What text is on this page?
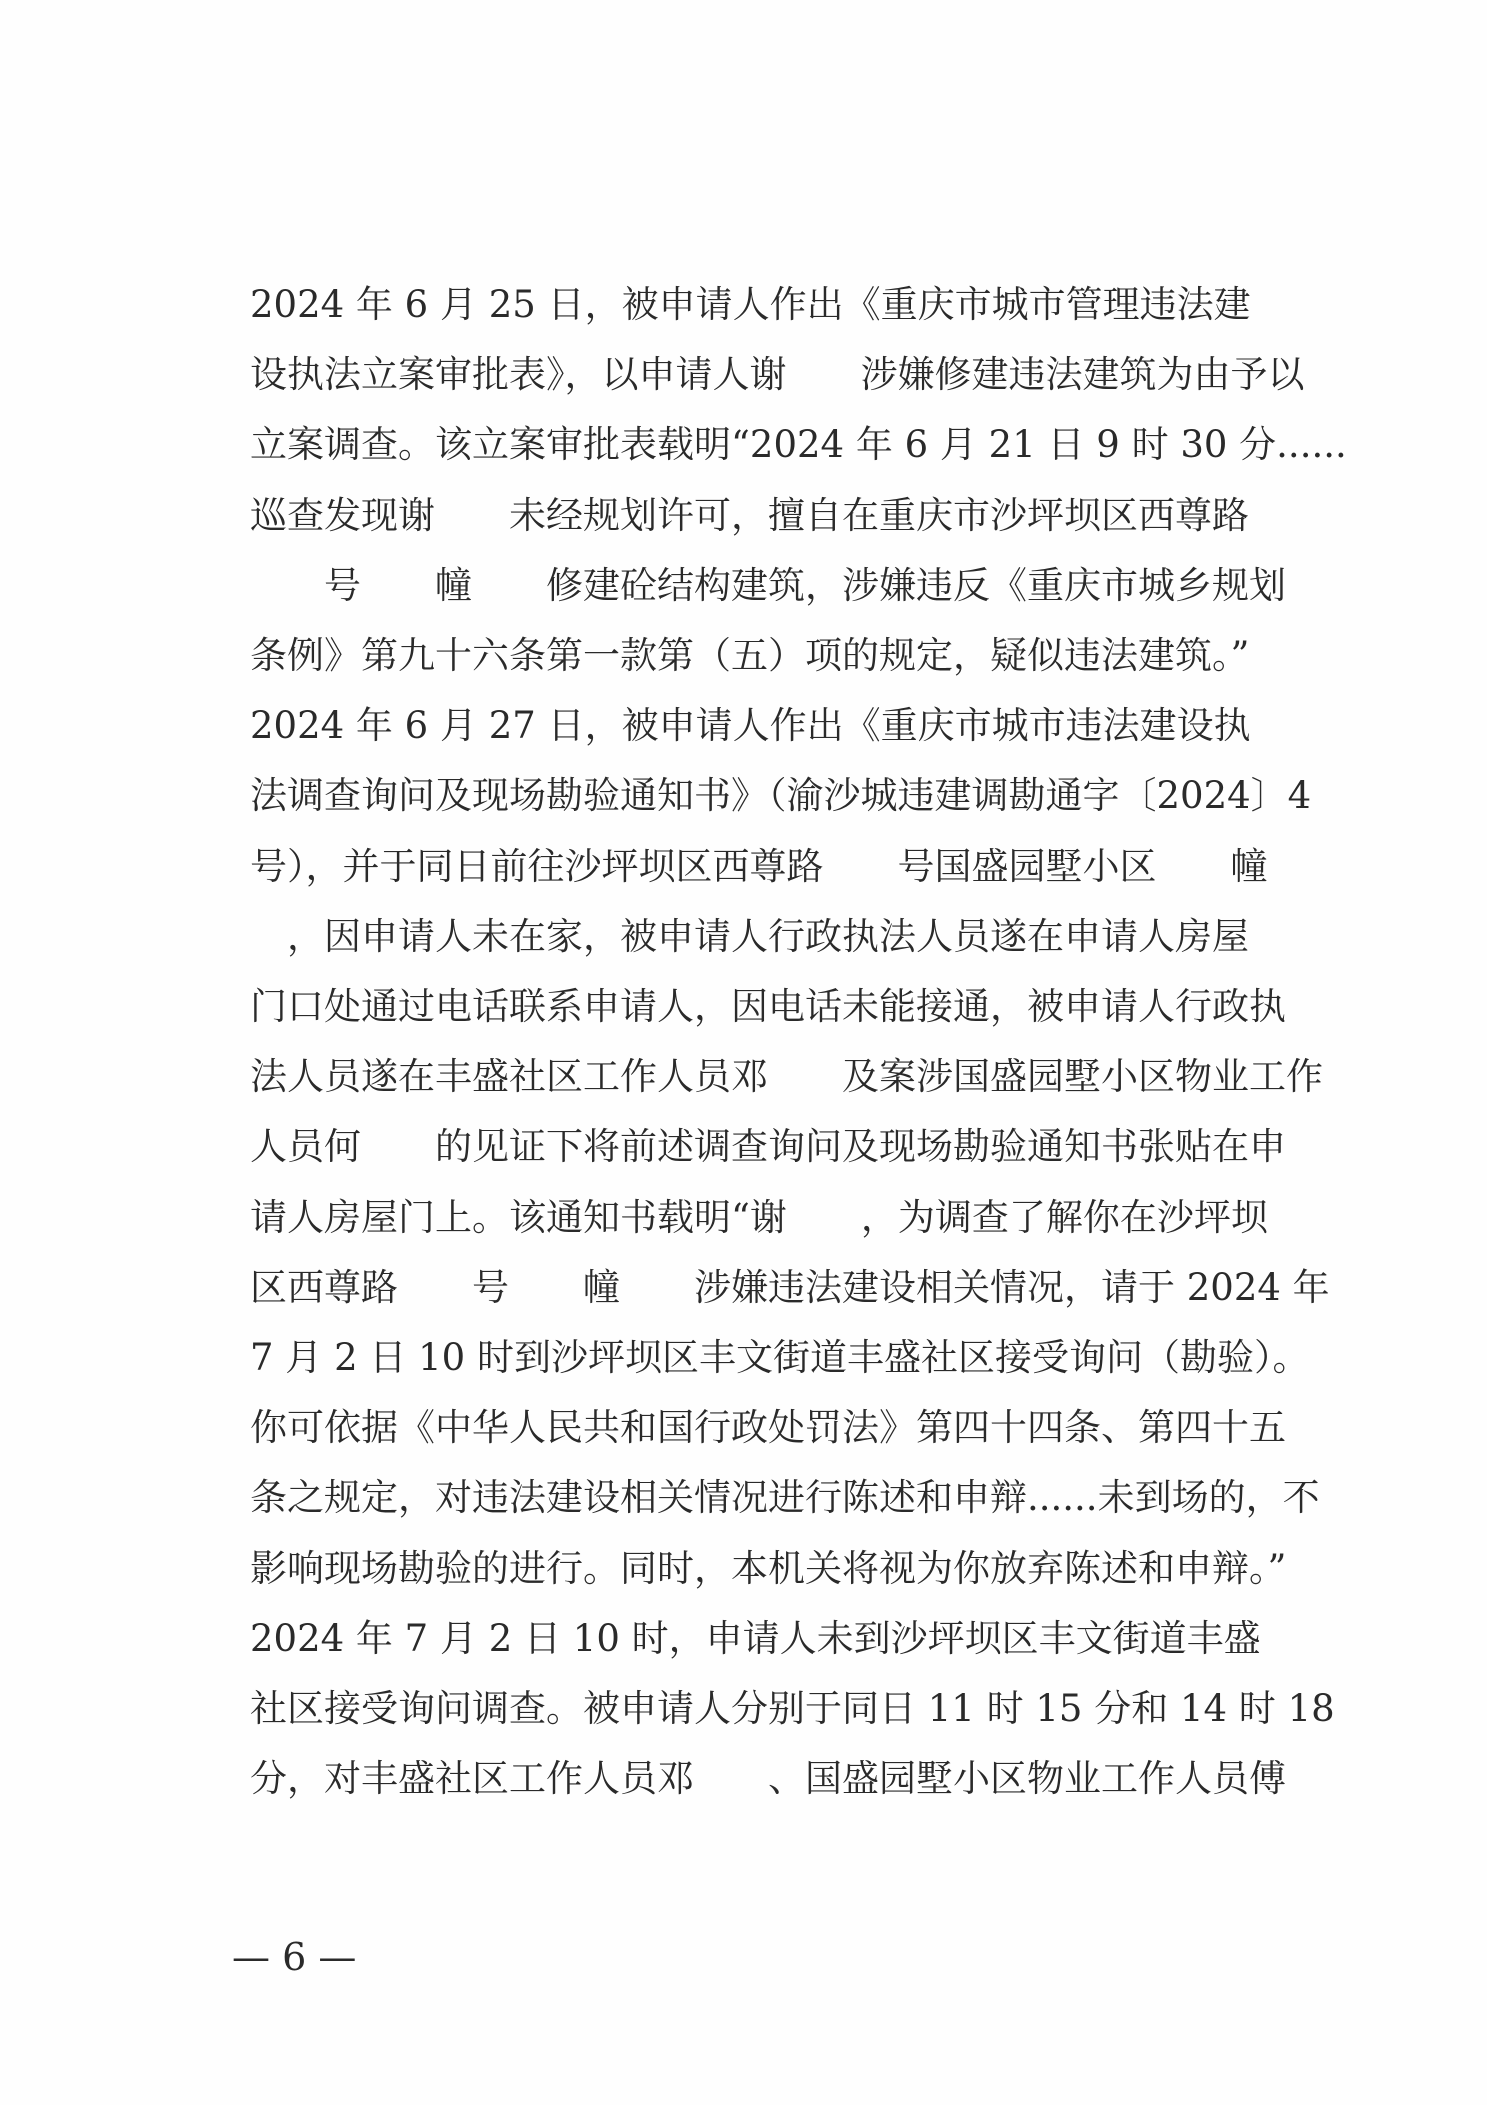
2024 年 6 月 25 日，被申请人作出《重庆市城市管理违法建
设执法立案审批表》，以申请人谢　　涉嫌修建违法建筑为由予以
立案调查。该立案审批表载明“2024 年 6 月 21 日 9 时 30 分......
巡查发现谢　　未经规划许可，擅自在重庆市沙坪坝区西尊路
　　号　　幢　　修建砼结构建筑，涉嫌违反《重庆市城乡规划
条例》第九十六条第一款第（五）项的规定，疑似违法建筑。”

2024 年 6 月 27 日，被申请人作出《重庆市城市违法建设执
法调查询问及现场勘验通知书》（渝沙城违建调勘通字〔2024〕4
号），并于同日前往沙坪坝区西尊路　　号国盛园墅小区　　幢
　，因申请人未在家，被申请人行政执法人员遂在申请人房屋
门口处通过电话联系申请人，因电话未能接通，被申请人行政执
法人员遂在丰盛社区工作人员邓　　及案涉国盛园墅小区物业工作
人员何　　的见证下将前述调查询问及现场勘验通知书张贴在申
请人房屋门上。该通知书载明“谢　　，为调查了解你在沙坪坝
区西尊路　　号　　幢　　涉嫌违法建设相关情况，请于 2024 年
7 月 2 日 10 时到沙坪坝区丰文街道丰盛社区接受询问（勘验）。
你可依据《中华人民共和国行政处罚法》第四十四条、第四十五
条之规定，对违法建设相关情况进行陈述和申辩......未到场的，不
影响现场勘验的进行。同时，本机关将视为你放弃陈述和申辩。”

2024 年 7 月 2 日 10 时，申请人未到沙坪坝区丰文街道丰盛
社区接受询问调查。被申请人分别于同日 11 时 15 分和 14 时 18
分，对丰盛社区工作人员邓　　、国盛园墅小区物业工作人员傅

— 6 —
